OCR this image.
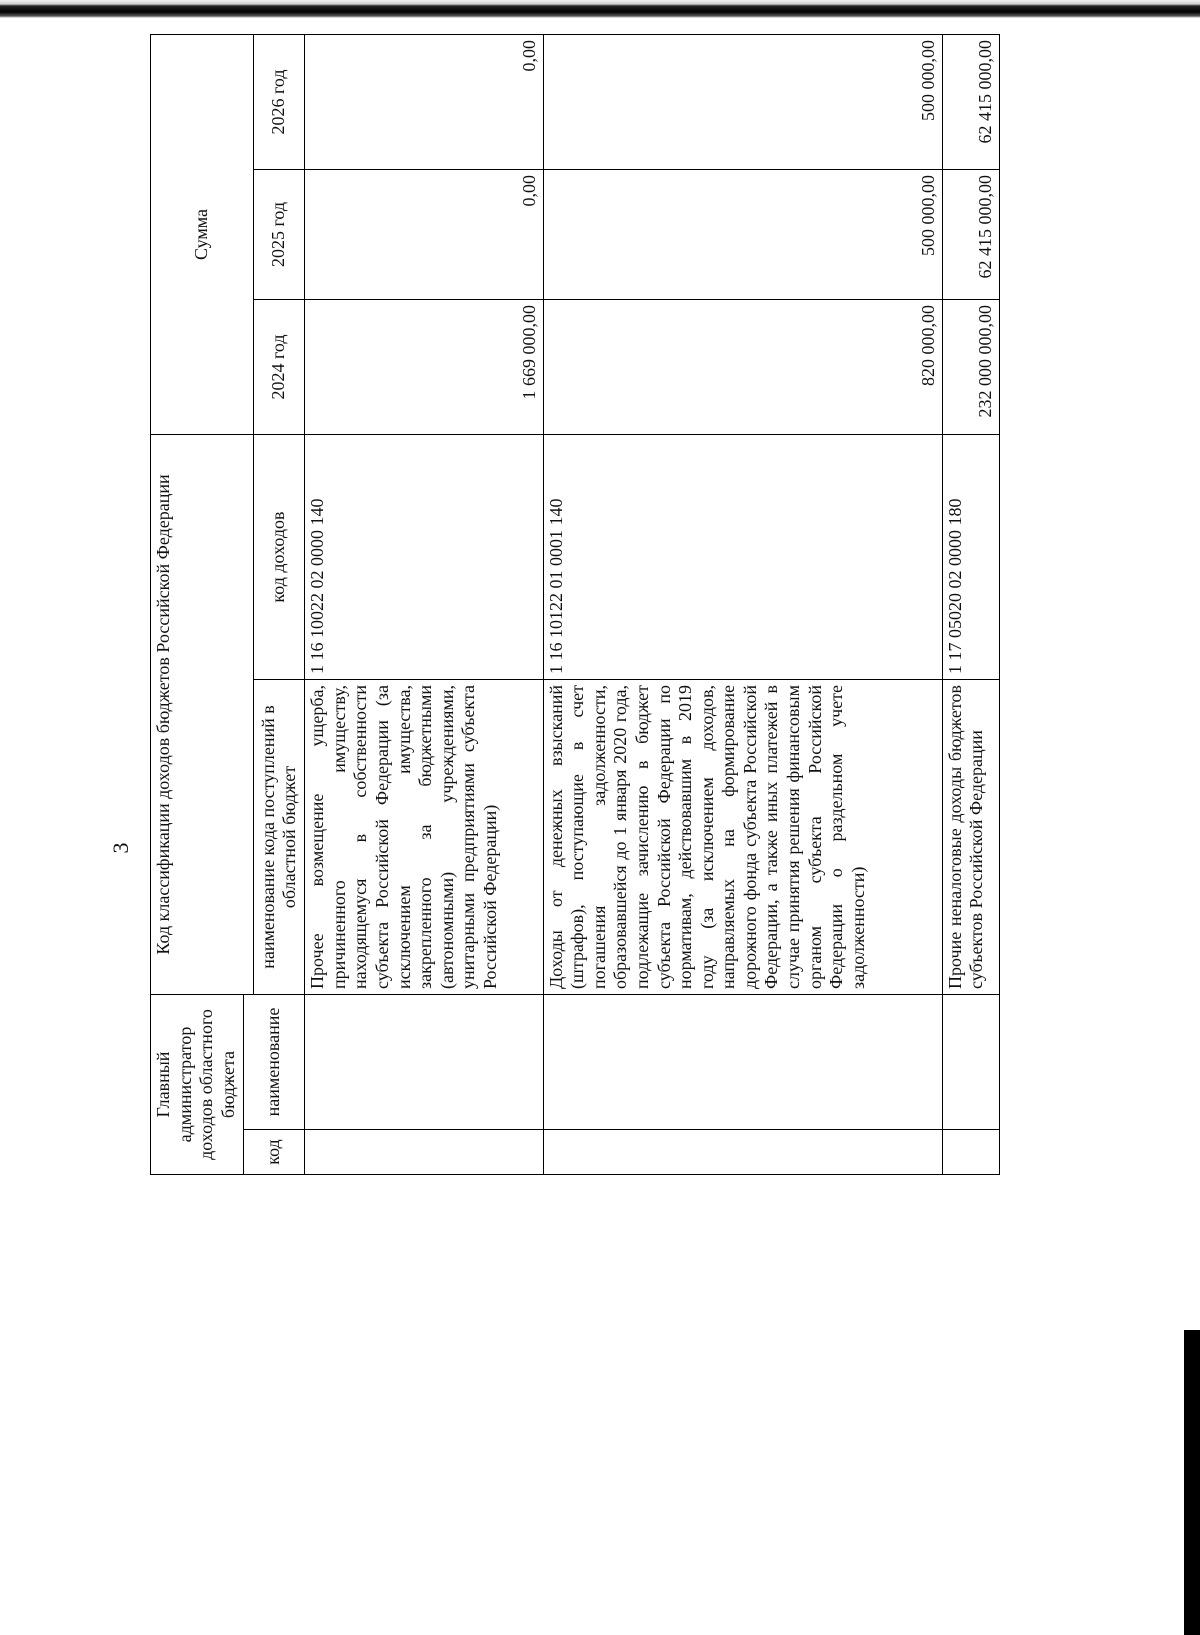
3
Главный администратор доходов областного бюджета		Код классификации доходов бюджетов Российской Федерации		Сумма		
код	наименование					
		наименование кода поступлений в областной бюджет	код доходов	2024 год	2025 год	2026 год
		Прочее возмещение ущерба, причиненного имуществу, находящемуся в собственности субъекта Российской Федерации (за исключением имущества, закрепленного за бюджетными (автономными) учреждениями, унитарными предприятиями субъекта Российской Федерации)	1 16 10022 02 0000 140	1 669 000,00	0,00	0,00
		Доходы от денежных взысканий (штрафов), поступающие в счет погашения задолженности, образовавшейся до 1 января 2020 года, подлежащие зачислению в бюджет субъекта Российской Федерации по нормативам, действовавшим в 2019 году (за исключением доходов, направляемых на формирование дорожного фонда субъекта Российской Федерации, а также иных платежей в случае принятия решения финансовым органом субъекта Российской Федерации о раздельном учете задолженности)	1 16 10122 01 0001 140	820 000,00	500 000,00	500 000,00
		Прочие неналоговые доходы бюджетов субъектов Российской Федерации	1 17 05020 02 0000 180	232 000 000,00	62 415 000,00	62 415 000,00
